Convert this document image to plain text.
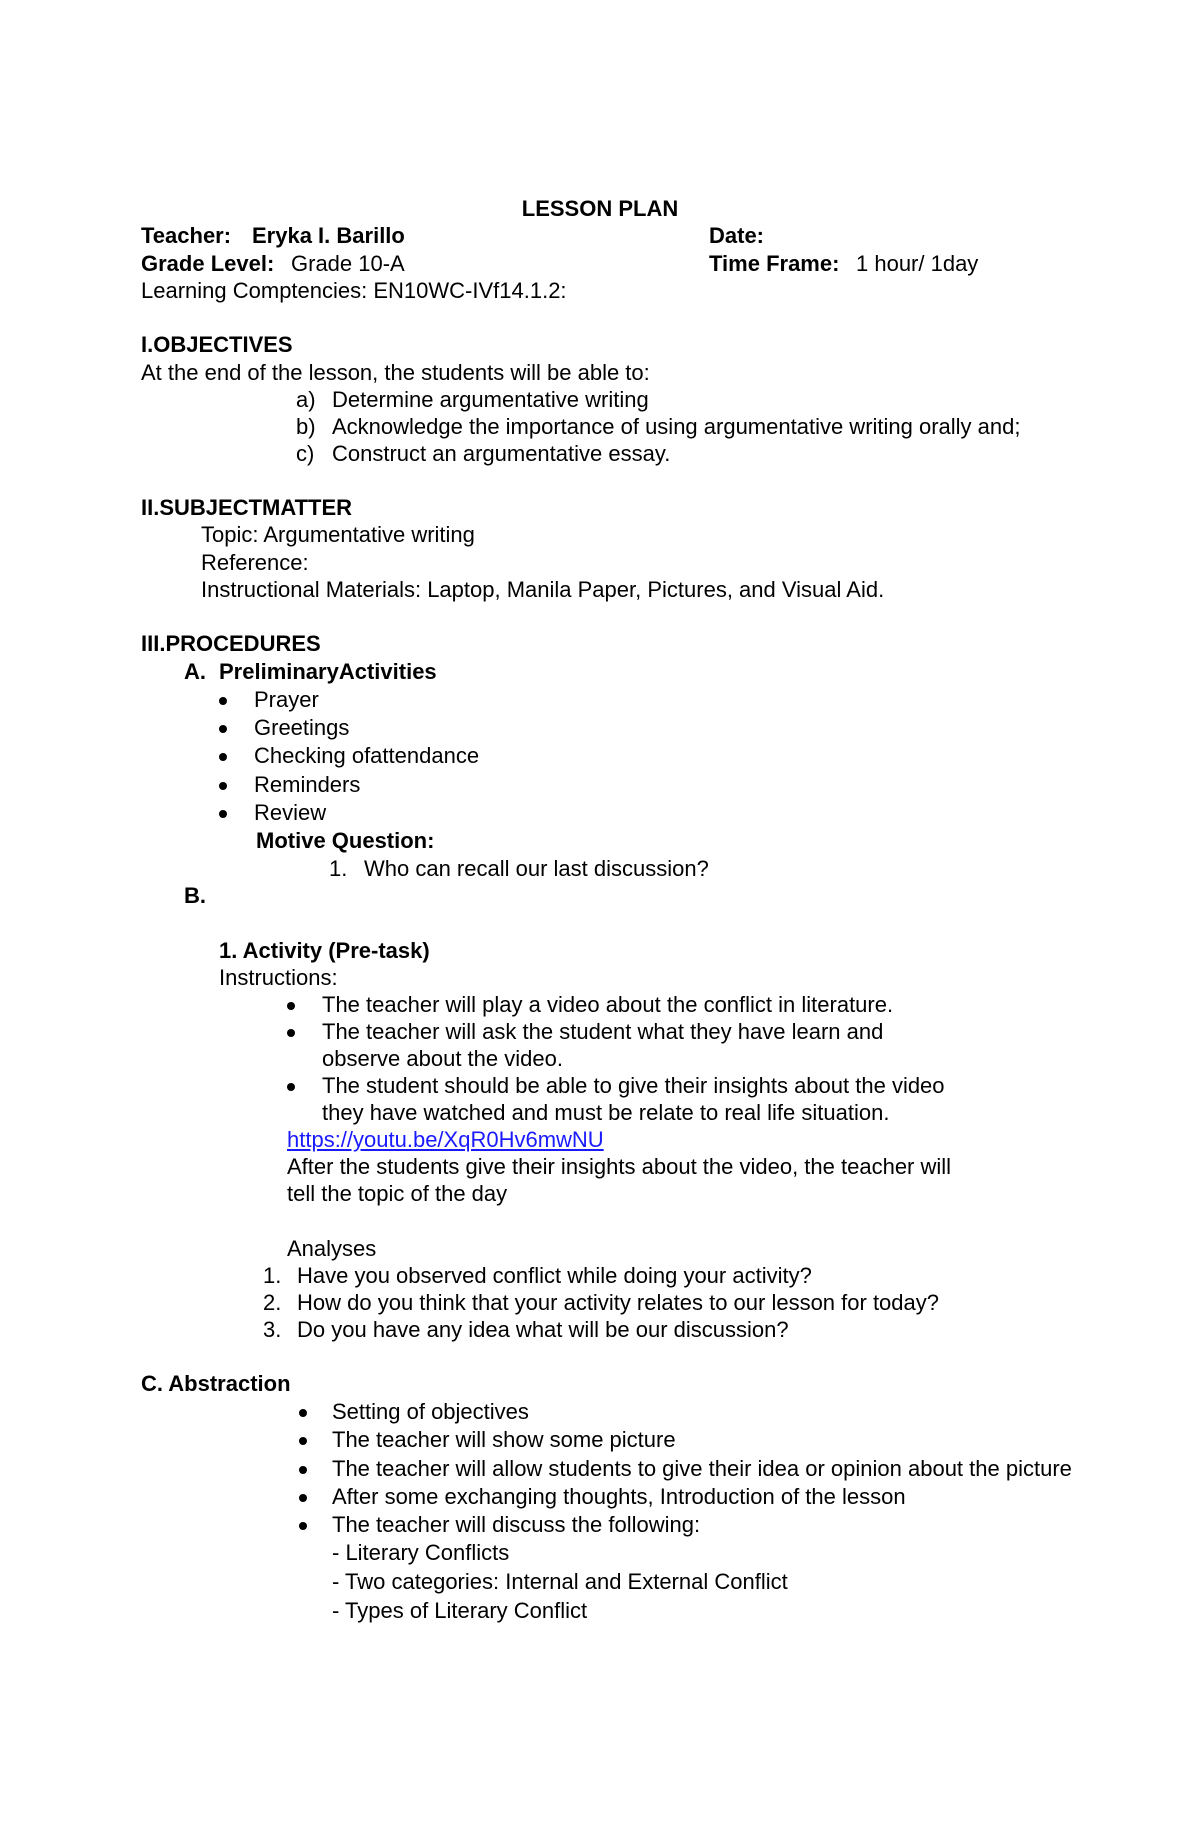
LESSON PLAN
Teacher: Eryka I. Barillo	Date:
Grade Level: Grade 10-A	Time Frame: 1 hour/ 1day
Learning Comptencies: EN10WC-IVf14.1.2:
I.OBJECTIVES
At the end of the lesson, the students will be able to:
a) Determine argumentative writing
b) Acknowledge the importance of using argumentative writing orally and;
c) Construct an argumentative essay.
II.SUBJECTMATTER
Topic: Argumentative writing
Reference:
Instructional Materials: Laptop, Manila Paper, Pictures, and Visual Aid.
III.PROCEDURES
A. PreliminaryActivities
Prayer
Greetings
Checking ofattendance
Reminders
Review
Motive Question:
1. Who can recall our last discussion?
B.
1. Activity (Pre-task)
Instructions:
The teacher will play a video about the conflict in literature.
The teacher will ask the student what they have learn and
observe about the video.
The student should be able to give their insights about the video
they have watched and must be relate to real life situation.
https://youtu.be/XqR0Hv6mwNU
After the students give their insights about the video, the teacher will
tell the topic of the day
Analyses
1. Have you observed conflict while doing your activity?
2. How do you think that your activity relates to our lesson for today?
3. Do you have any idea what will be our discussion?
C. Abstraction
Setting of objectives
The teacher will show some picture
The teacher will allow students to give their idea or opinion about the picture
After some exchanging thoughts, Introduction of the lesson
The teacher will discuss the following:
- Literary Conflicts
- Two categories: Internal and External Conflict
- Types of Literary Conflict
